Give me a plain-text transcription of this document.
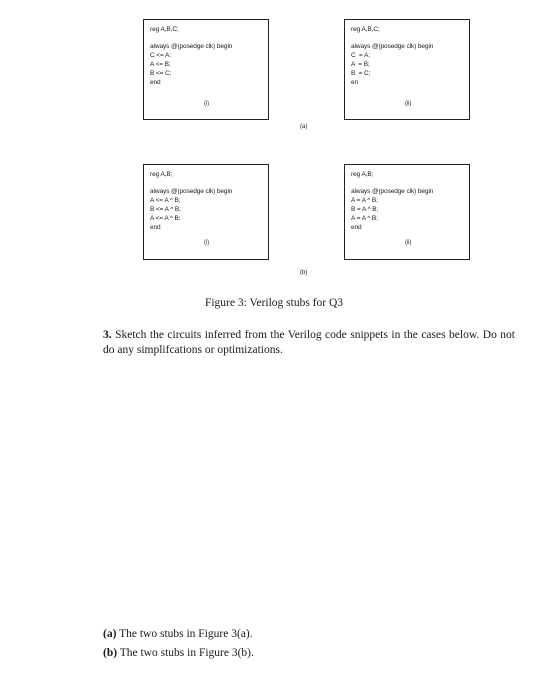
reg A,B,C;
always @(posedge clk) begin
C <= A;
A <= B;
B <= C;
end
(i)
reg A,B,C;
always @(posedge clk) begin
C  = A;
A  = B;
B  = C;
en
(ii)
(a)
reg A,B;
always @(posedge clk) begin
A <= A ^ B;
B <= A ^ B;
A <= A ^ B;
end
(i)
reg A,B;
always @(posedge clk) begin
A = A ^ B;
B = A ^ B;
A = A ^ B;
end
(ii)
(b)
Figure 3: Verilog stubs for Q3
3. Sketch the circuits inferred from the Verilog code snippets in the cases below. Do not do any simplifcations or optimizations.
(a) The two stubs in Figure 3(a).
(b) The two stubs in Figure 3(b).
